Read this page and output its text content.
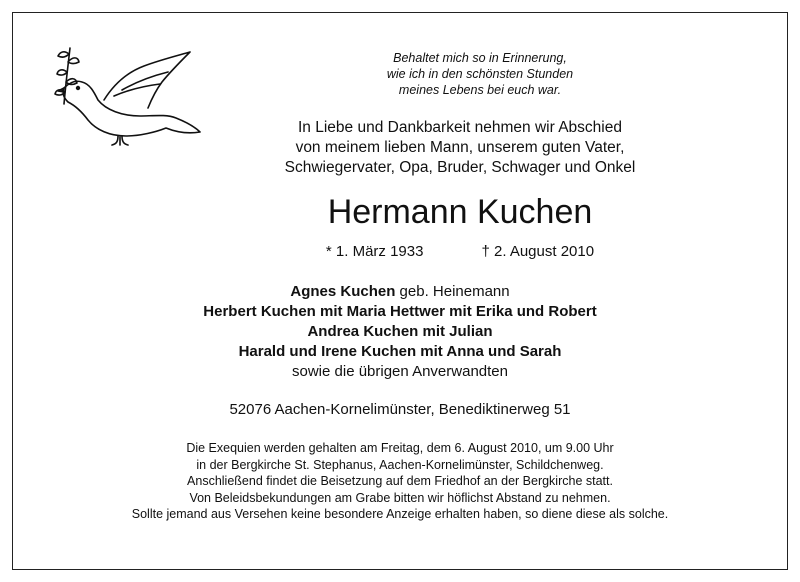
Behaltet mich so in Erinnerung,
wie ich in den schönsten Stunden
meines Lebens bei euch war.
In Liebe und Dankbarkeit nehmen wir Abschied
von meinem lieben Mann, unserem guten Vater,
Schwiegervater, Opa, Bruder, Schwager und Onkel
Hermann Kuchen
* 1. März 1933	† 2. August 2010
Agnes Kuchen geb. Heinemann
Herbert Kuchen mit Maria Hettwer mit Erika und Robert
Andrea Kuchen mit Julian
Harald und Irene Kuchen mit Anna und Sarah
sowie die übrigen Anverwandten
52076 Aachen-Kornelimünster, Benediktinerweg 51
Die Exequien werden gehalten am Freitag, dem 6. August 2010, um 9.00 Uhr
in der Bergkirche St. Stephanus, Aachen-Kornelimünster, Schildchenweg.
Anschließend findet die Beisetzung auf dem Friedhof an der Bergkirche statt.
Von Beleidsbekundungen am Grabe bitten wir höflichst Abstand zu nehmen.
Sollte jemand aus Versehen keine besondere Anzeige erhalten haben, so diene diese als solche.
